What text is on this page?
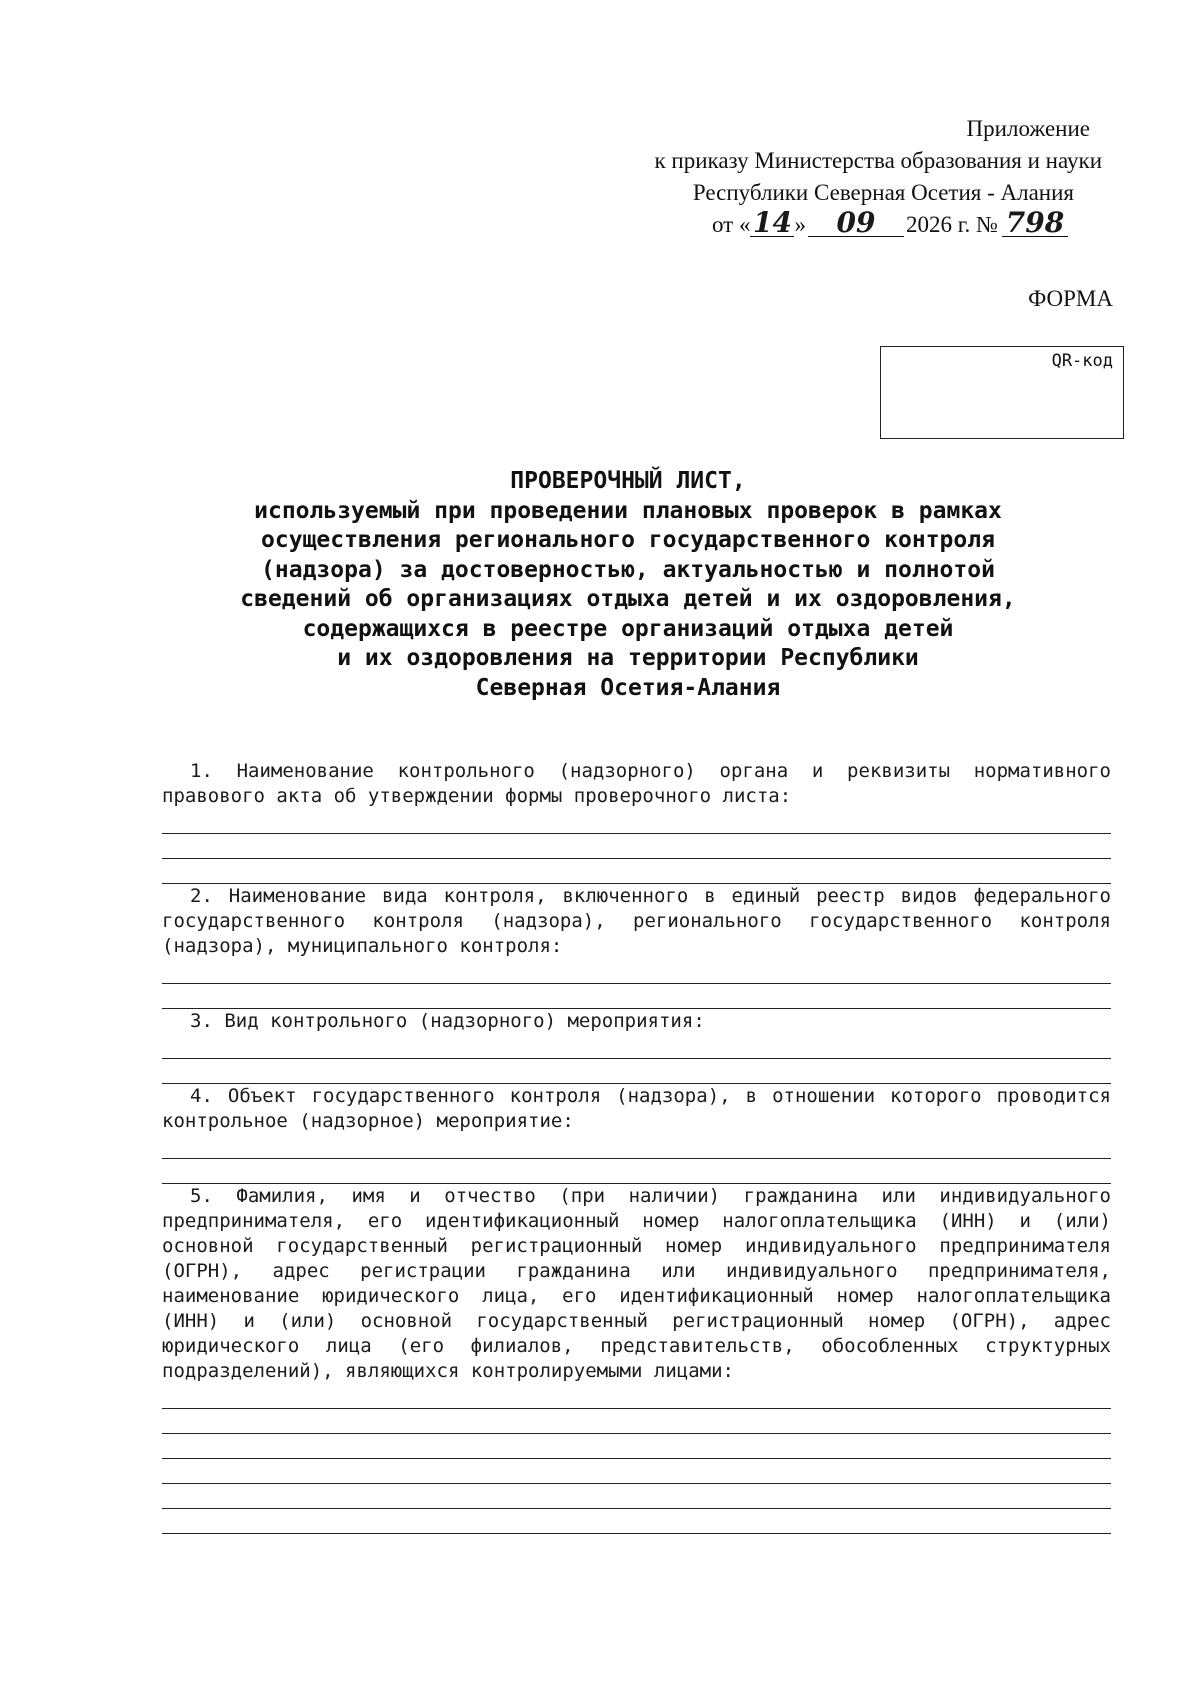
Приложение
к приказу Министерства образования и науки
Республики Северная Осетия - Алания
от « 14 »	09	2026 г. № 798
ФОРМА
QR-код
ПРОВЕРОЧНЫЙ ЛИСТ,
используемый при проведении плановых проверок в рамках
осуществления регионального государственного контроля
(надзора) за достоверностью, актуальностью и полнотой
сведений об организациях отдыха детей и их оздоровления,
содержащихся в реестре организаций отдыха детей
и их оздоровления на территории Республики
Северная Осетия-Алания
1. Наименование контрольного (надзорного) органа и реквизиты нормативного правового акта об утверждении формы проверочного листа:
2. Наименование вида контроля, включенного в единый реестр видов федерального государственного контроля (надзора), регионального государственного контроля (надзора), муниципального контроля:
3. Вид контрольного (надзорного) мероприятия:
4. Объект государственного контроля (надзора), в отношении которого проводится контрольное (надзорное) мероприятие:
5. Фамилия, имя и отчество (при наличии) гражданина или индивидуального предпринимателя, его идентификационный номер налогоплательщика (ИНН) и (или) основной государственный регистрационный номер индивидуального предпринимателя (ОГРН), адрес регистрации гражданина или индивидуального предпринимателя, наименование юридического лица, его идентификационный номер налогоплательщика (ИНН) и (или) основной государственный регистрационный номер (ОГРН), адрес юридического лица (его филиалов, представительств, обособленных структурных подразделений), являющихся контролируемыми лицами:
